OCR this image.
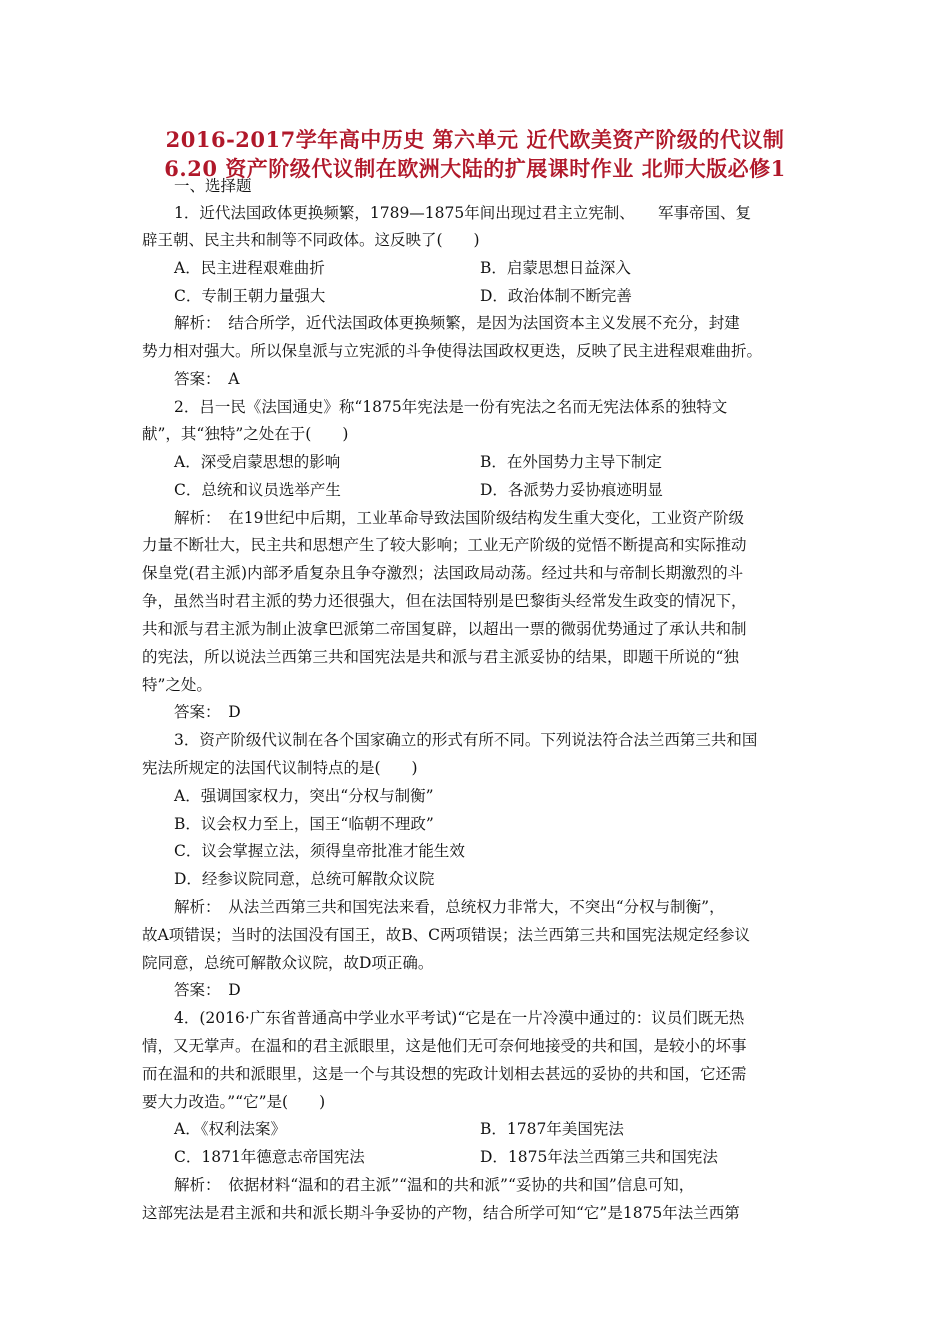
2016-2017学年高中历史 第六单元 近代欧美资产阶级的代议制
6.20 资产阶级代议制在欧洲大陆的扩展课时作业 北师大版必修1
一、选择题
1．近代法国政体更换频繁，1789—1875年间出现过君主立宪制、　　军事帝国、复
辟王朝、民主共和制等不同政体。这反映了(　　)
A．民主进程艰难曲折	B．启蒙思想日益深入
C．专制王朝力量强大	D．政治体制不断完善
解析：　结合所学，近代法国政体更换频繁，是因为法国资本主义发展不充分，封建
势力相对强大。所以保皇派与立宪派的斗争使得法国政权更迭，反映了民主进程艰难曲折。
答案：　A
2．吕一民《法国通史》称“1875年宪法是一份有宪法之名而无宪法体系的独特文
献”，其“独特”之处在于(　　)
A．深受启蒙思想的影响	B．在外国势力主导下制定
C．总统和议员选举产生	D．各派势力妥协痕迹明显
解析：　在19世纪中后期，工业革命导致法国阶级结构发生重大变化，工业资产阶级
力量不断壮大，民主共和思想产生了较大影响；工业无产阶级的觉悟不断提高和实际推动
保皇党(君主派)内部矛盾复杂且争夺激烈；法国政局动荡。经过共和与帝制长期激烈的斗
争，虽然当时君主派的势力还很强大，但在法国特别是巴黎街头经常发生政变的情况下，
共和派与君主派为制止波拿巴派第二帝国复辟，以超出一票的微弱优势通过了承认共和制
的宪法，所以说法兰西第三共和国宪法是共和派与君主派妥协的结果，即题干所说的“独
特”之处。
答案：　D
3．资产阶级代议制在各个国家确立的形式有所不同。下列说法符合法兰西第三共和国
宪法所规定的法国代议制特点的是(　　)
A．强调国家权力，突出“分权与制衡”
B．议会权力至上，国王“临朝不理政”
C．议会掌握立法，须得皇帝批准才能生效
D．经参议院同意，总统可解散众议院
解析：　从法兰西第三共和国宪法来看，总统权力非常大，不突出“分权与制衡”，
故A项错误；当时的法国没有国王，故B、C两项错误；法兰西第三共和国宪法规定经参议
院同意，总统可解散众议院，故D项正确。
答案：　D
4．(2016·广东省普通高中学业水平考试)“它是在一片冷漠中通过的：议员们既无热
情，又无掌声。在温和的君主派眼里，这是他们无可奈何地接受的共和国，是较小的坏事
而在温和的共和派眼里，这是一个与其设想的宪政计划相去甚远的妥协的共和国，它还需
要大力改造。”“它”是(　　)
A．《权利法案》	B．1787年美国宪法
C．1871年德意志帝国宪法	D．1875年法兰西第三共和国宪法
解析：　依据材料“温和的君主派”“温和的共和派”“妥协的共和国”信息可知，
这部宪法是君主派和共和派长期斗争妥协的产物，结合所学可知“它”是1875年法兰西第
